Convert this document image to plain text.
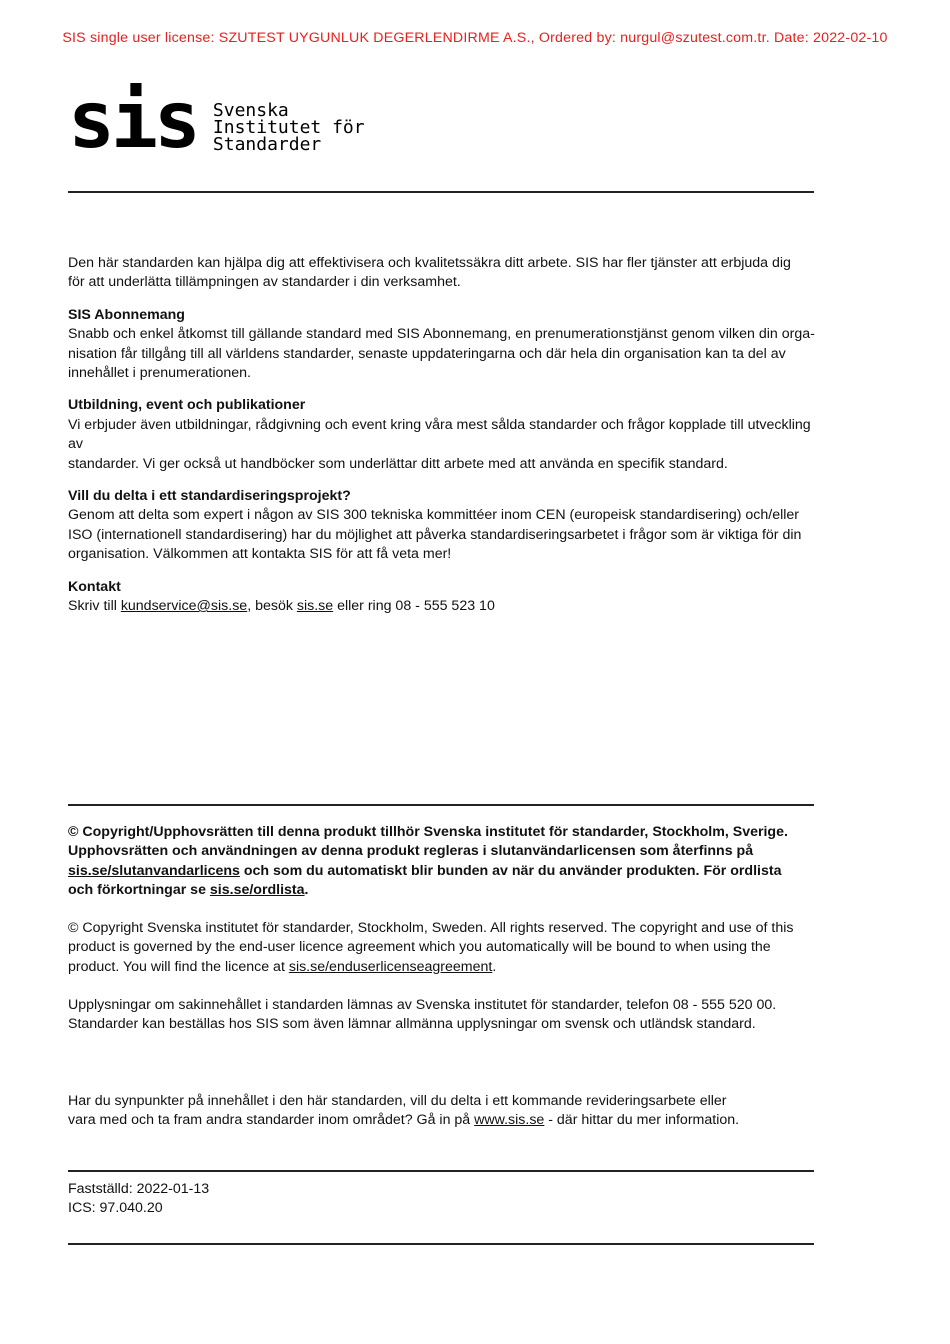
SIS single user license: SZUTEST UYGUNLUK DEGERLENDIRME A.S., Ordered by: nurgul@szutest.com.tr. Date: 2022-02-10
sis Svenska
Institutet för
Standarder

Den här standarden kan hjälpa dig att effektivisera och kvalitetssäkra ditt arbete. SIS har fler tjänster att erbjuda dig

för att underlätta tillämpningen av standarder i din verksamhet.

SIS Abonnemang

Snabb och enkel åtkomst till gällande standard med SIS Abonnemang, en prenumerationstjänst genom vilken din orga-

nisation får tillgång till all världens standarder, senaste uppdateringarna och där hela din organisation kan ta del av

innehållet i prenumerationen.

Utbildning, event och publikationer

Vi erbjuder även utbildningar, rådgivning och event kring våra mest sålda standarder och frågor kopplade till utveckling av

standarder. Vi ger också ut handböcker som underlättar ditt arbete med att använda en specifik standard.

Vill du delta i ett standardiseringsprojekt?

Genom att delta som expert i någon av SIS 300 tekniska kommittéer inom CEN (europeisk standardisering) och/eller

ISO (internationell standardisering) har du möjlighet att påverka standardiseringsarbetet i frågor som är viktiga för din

organisation. Välkommen att kontakta SIS för att få veta mer!

Kontakt

Skriv till kundservice@sis.se, besök sis.se eller ring 08 - 555 523 10

© Copyright/Upphovsrätten till denna produkt tillhör Svenska institutet för standarder, Stockholm, Sverige.

Upphovsrätten och användningen av denna produkt regleras i slutanvändarlicensen som återfinns på

sis.se/slutanvandarlicens och som du automatiskt blir bunden av när du använder produkten. För ordlista

och förkortningar se sis.se/ordlista.

© Copyright Svenska institutet för standarder, Stockholm, Sweden. All rights reserved. The copyright and use of this

product is governed by the end-user licence agreement which you automatically will be bound to when using the

product. You will find the licence at sis.se/enduserlicenseagreement.

Upplysningar om sakinnehållet i standarden lämnas av Svenska institutet för standarder, telefon 08 - 555 520 00.

Standarder kan beställas hos SIS som även lämnar allmänna upplysningar om svensk och utländsk standard.

Har du synpunkter på innehållet i den här standarden, vill du delta i ett kommande revideringsarbete eller

vara med och ta fram andra standarder inom området? Gå in på www.sis.se - där hittar du mer information.

Fastställd: 2022-01-13

ICS: 97.040.20
